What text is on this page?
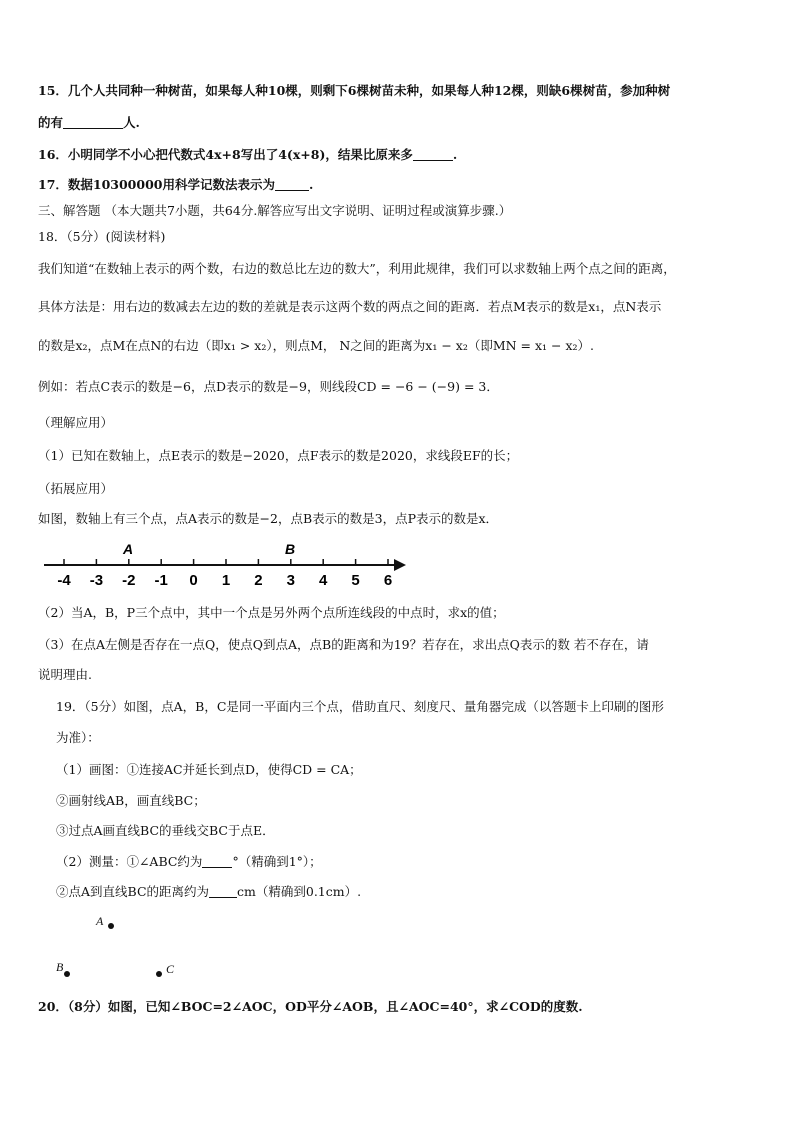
15．几个人共同种一种树苗，如果每人种10棵，则剩下6棵树苗未种，如果每人种12棵，则缺6棵树苗，参加种树
的有	人.
16．小明同学不小心把代数式4x+8写出了4(x+8)，结果比原来多	.
17．数据10300000用科学记数法表示为	.
三、解答题 （本大题共7小题，共64分.解答应写出文字说明、证明过程或演算步骤.）
18．（5分）(阅读材料)
我们知道“在数轴上表示的两个数，右边的数总比左边的数大”，利用此规律，我们可以求数轴上两个点之间的距离，
具体方法是：用右边的数减去左边的数的差就是表示这两个数的两点之间的距离．若点M表示的数是x₁，点N表示
的数是x₂，点M在点N的右边（即x₁ > x₂），则点M， N之间的距离为x₁ − x₂（即MN = x₁ − x₂）.
例如：若点C表示的数是−6，点D表示的数是−9，则线段CD = −6 − (−9) = 3．
（理解应用）
（1）已知在数轴上，点E表示的数是−2020，点F表示的数是2020，求线段EF的长；
（拓展应用）
如图，数轴上有三个点，点A表示的数是−2，点B表示的数是3，点P表示的数是x．
-4 -3 -2 -1 0 1 2 3 4 5 6
A	B
（2）当A，B，P三个点中，其中一个点是另外两个点所连线段的中点时，求x的值；
（3）在点A左侧是否存在一点Q，使点Q到点A，点B的距离和为19？若存在，求出点Q表示的数 若不存在，请
说明理由.
19．（5分）如图，点A，B，C是同一平面内三个点，借助直尺、刻度尺、量角器完成（以答题卡上印刷的图形
为准）：
（1）画图：①连接AC并延长到点D，使得CD = CA；
②画射线AB，画直线BC；
③过点A画直线BC的垂线交BC于点E．
（2）测量：①∠ABC约为 °（精确到1°）；
②点A到直线BC的距离约为 cm（精确到0.1cm）.
A
B	C
20．（8分）如图，已知∠BOC=2∠AOC，OD平分∠AOB，且∠AOC=40°，求∠COD的度数.
